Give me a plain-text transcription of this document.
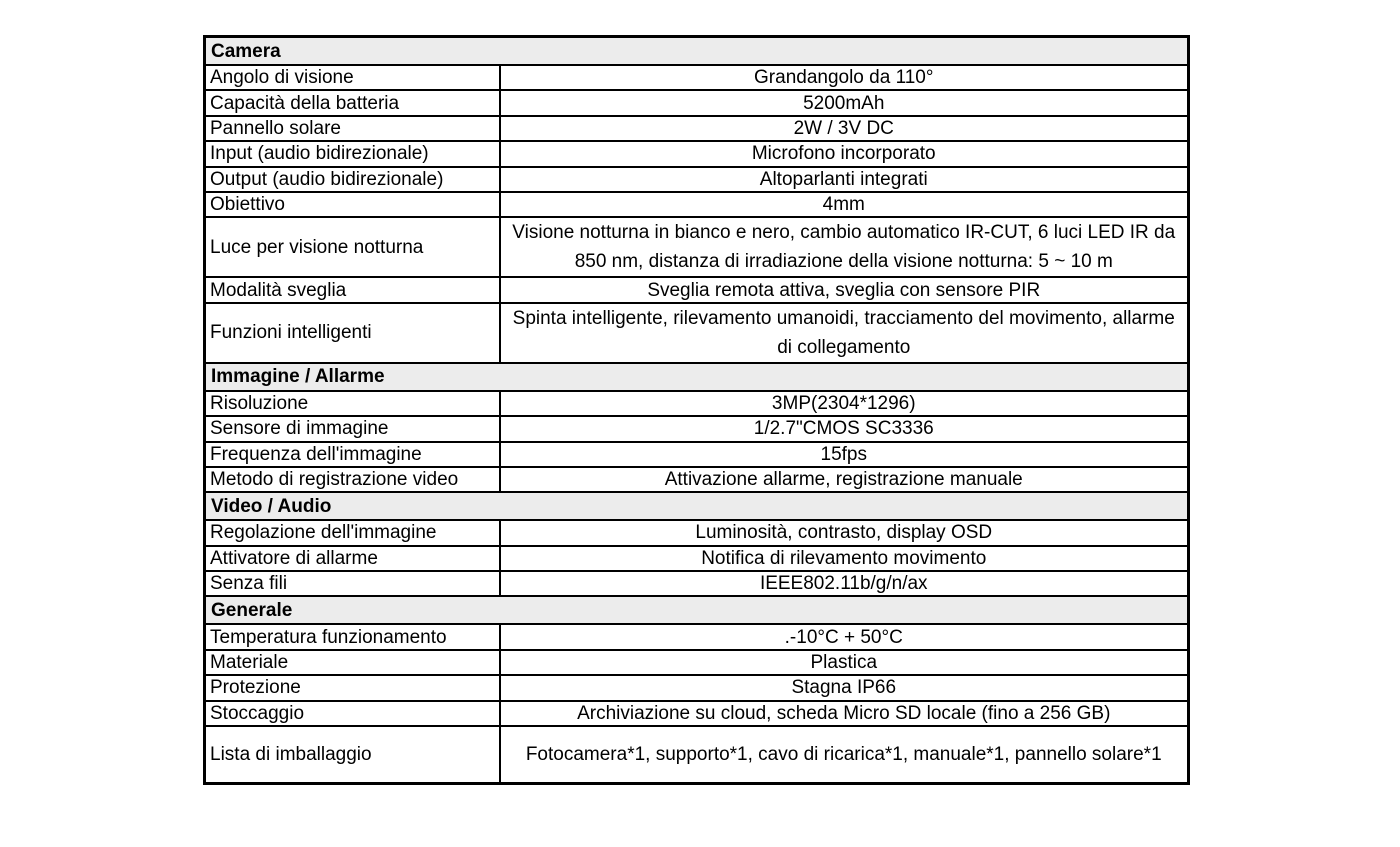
Camera	
Angolo di visione	Grandangolo da 110°
Capacità della batteria	5200mAh
Pannello solare	2W / 3V DC
Input (audio bidirezionale)	Microfono incorporato
Output (audio bidirezionale)	Altoparlanti integrati
Obiettivo	4mm
Luce per visione notturna	Visione notturna in bianco e nero, cambio automatico IR-CUT, 6 luci LED IR da 850 nm, distanza di irradiazione della visione notturna: 5 ~ 10 m
Modalità sveglia	Sveglia remota attiva, sveglia con sensore PIR
Funzioni intelligenti	Spinta intelligente, rilevamento umanoidi, tracciamento del movimento, allarme di collegamento
Immagine / Allarme	
Risoluzione	3MP(2304*1296)
Sensore di immagine	1/2.7"CMOS SC3336
Frequenza dell'immagine	15fps
Metodo di registrazione video	Attivazione allarme, registrazione manuale
Video / Audio	
Regolazione dell'immagine	Luminosità, contrasto, display OSD
Attivatore di allarme	Notifica di rilevamento movimento
Senza fili	IEEE802.11b/g/n/ax
Generale	
Temperatura funzionamento	.-10°C + 50°C
Materiale	Plastica
Protezione	Stagna IP66
Stoccaggio	Archiviazione su cloud, scheda Micro SD locale (fino a 256 GB)
Lista di imballaggio	Fotocamera*1, supporto*1, cavo di ricarica*1, manuale*1, pannello solare*1
